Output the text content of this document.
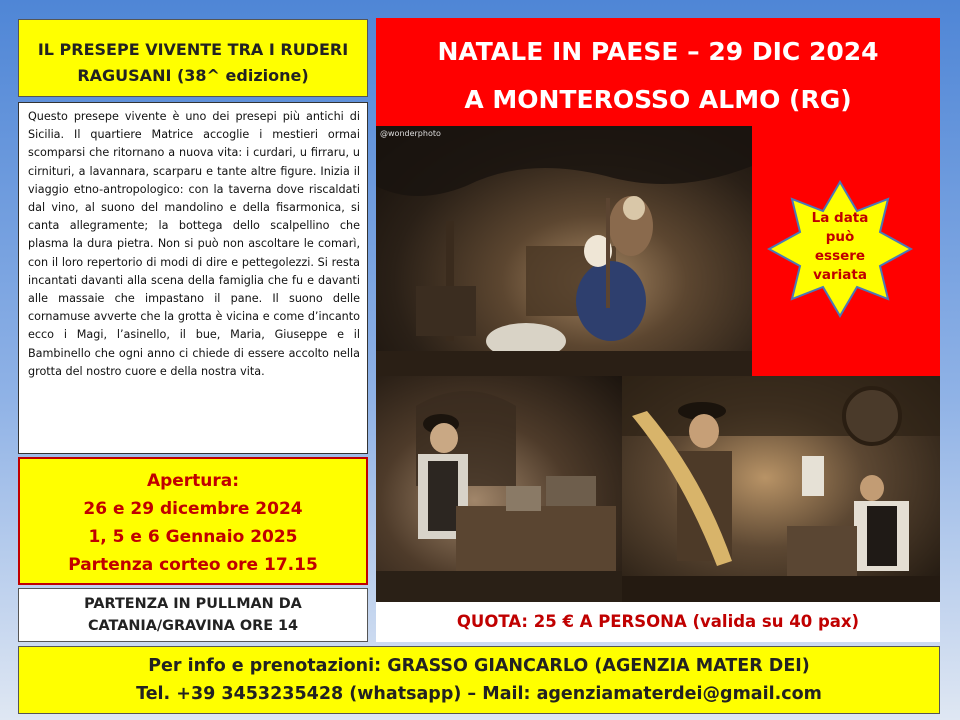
IL PRESEPE VIVENTE TRA I RUDERI
RAGUSANI (38^ edizione)
Questo presepe vivente è uno dei presepi più antichi di Sicilia. Il quartiere Matrice accoglie i mestieri ormai scomparsi che ritornano a nuova vita: i curdari, u firraru, u cirnituri, a lavannara, scarparu e tante altre figure. Inizia il viaggio etno-antropologico: con la taverna dove riscaldati dal vino, al suono del mandolino e della fisarmonica, si canta allegramente; la bottega dello scalpellino che plasma la dura pietra. Non si può non ascoltare le comarì, con il loro repertorio di modi di dire e pettegolezzi. Si resta incantati davanti alla scena della famiglia che fu e davanti alle massaie che impastano il pane. Il suono delle cornamuse avverte che la grotta è vicina e come d’incanto ecco i Magi, l’asinello, il bue, Maria, Giuseppe e il Bambinello che ogni anno ci chiede di essere accolto nella grotta del nostro cuore e della nostra vita.
Apertura:
26 e 29 dicembre 2024
1, 5 e 6 Gennaio 2025
Partenza corteo ore 17.15
PARTENZA IN PULLMAN DA
CATANIA/GRAVINA ORE 14
NATALE IN PAESE – 29 DIC 2024
A MONTEROSSO ALMO (RG)
@wonderphoto
La data
può
essere
variata
QUOTA: 25 € A PERSONA (valida su 40 pax)
Per info e prenotazioni: GRASSO GIANCARLO (AGENZIA MATER DEI)
Tel. +39 3453235428 (whatsapp) – Mail: agenziamaterdei@gmail.com
